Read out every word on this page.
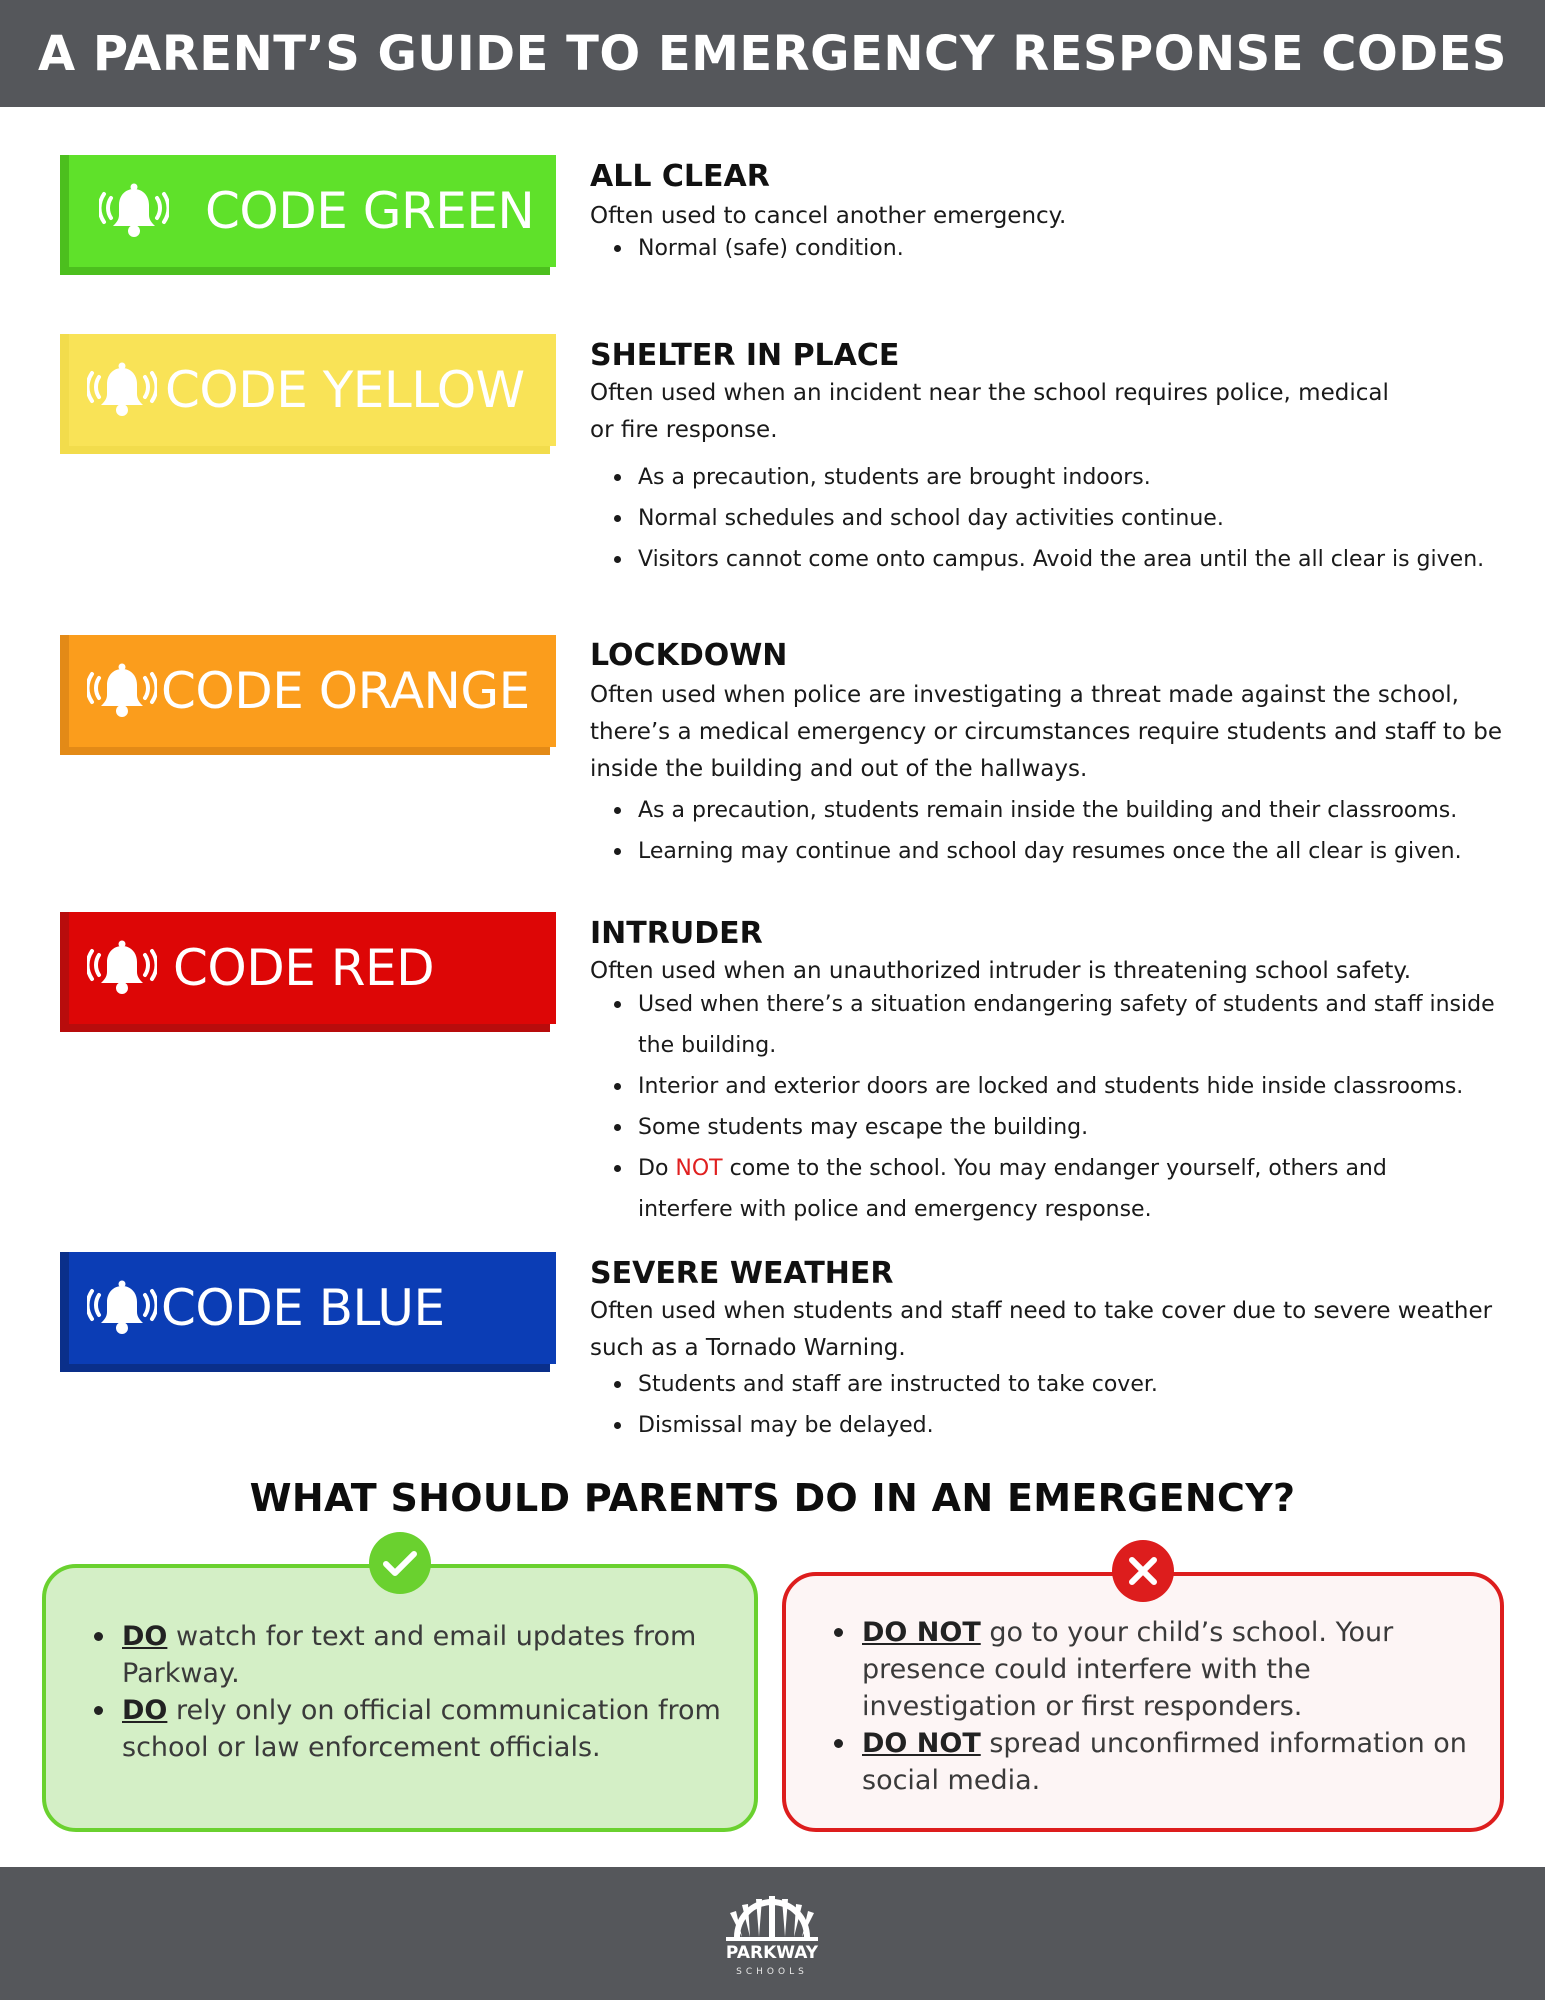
A PARENT’S GUIDE TO EMERGENCY RESPONSE CODES
CODE GREEN
ALL CLEAR
Often used to cancel another emergency.
Normal (safe) condition.
CODE YELLOW
SHELTER IN PLACE
Often used when an incident near the school requires police, medical or fire response.
As a precaution, students are brought indoors.
Normal schedules and school day activities continue.
Visitors cannot come onto campus. Avoid the area until the all clear is given.
CODE ORANGE
LOCKDOWN
Often used when police are investigating a threat made against the school, there’s a medical emergency or circumstances require students and staff to be inside the building and out of the hallways.
As a precaution, students remain inside the building and their classrooms.
Learning may continue and school day resumes once the all clear is given.
CODE RED
INTRUDER
Often used when an unauthorized intruder is threatening school safety.
Used when there’s a situation endangering safety of students and staff inside the building.
Interior and exterior doors are locked and students hide inside classrooms.
Some students may escape the building.
Do NOT come to the school. You may endanger yourself, others and interfere with police and emergency response.
CODE BLUE
SEVERE WEATHER
Often used when students and staff need to take cover due to severe weather such as a Tornado Warning.
Students and staff are instructed to take cover.
Dismissal may be delayed.
WHAT SHOULD PARENTS DO IN AN EMERGENCY?
DO watch for text and email updates from Parkway.
DO rely only on official communication from school or law enforcement officials.
DO NOT go to your child’s school. Your presence could interfere with the investigation or first responders.
DO NOT spread unconfirmed information on social media.
PARKWAY
SCHOOLS
